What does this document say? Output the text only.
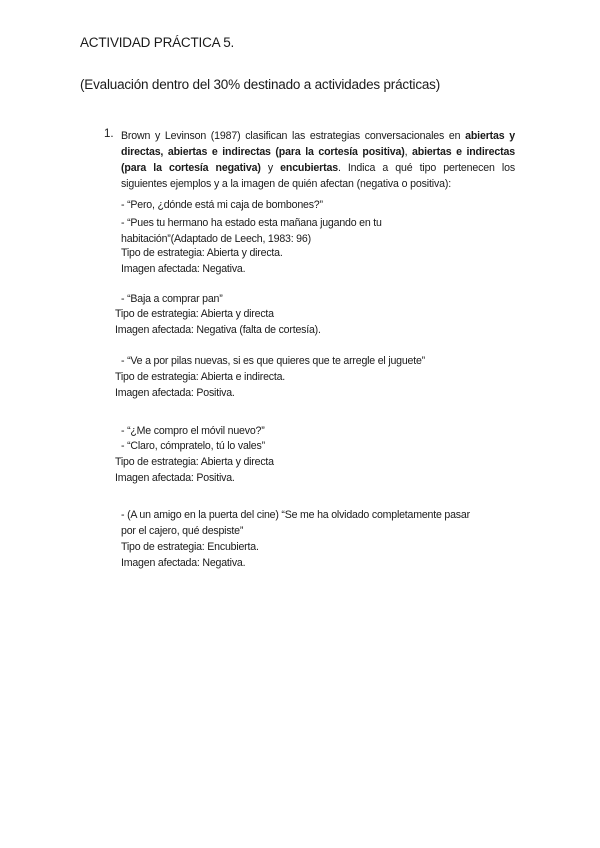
ACTIVIDAD PRÁCTICA 5.
(Evaluación dentro del 30% destinado a actividades prácticas)
1. Brown y Levinson (1987) clasifican las estrategias conversacionales en abiertas y directas, abiertas e indirectas (para la cortesía positiva), abiertas e indirectas (para la cortesía negativa) y encubiertas. Indica a qué tipo pertenecen los siguientes ejemplos y a la imagen de quién afectan (negativa o positiva):
- “Pero, ¿dónde está mi caja de bombones?”
- “Pues tu hermano ha estado esta mañana jugando en tu
habitación”(Adaptado de Leech, 1983: 96)
Tipo de estrategia: Abierta y directa.
Imagen afectada: Negativa.
- “Baja a comprar pan”
Tipo de estrategia: Abierta y directa
Imagen afectada: Negativa (falta de cortesía).
- “Ve a por pilas nuevas, si es que quieres que te arregle el juguete”
Tipo de estrategia: Abierta e indirecta.
Imagen afectada: Positiva.
- “¿Me compro el móvil nuevo?”
- “Claro, cómpratelo, tú lo vales”
Tipo de estrategia: Abierta y directa
Imagen afectada: Positiva.
- (A un amigo en la puerta del cine) “Se me ha olvidado completamente pasar
por el cajero, qué despiste”
Tipo de estrategia: Encubierta.
Imagen afectada: Negativa.
